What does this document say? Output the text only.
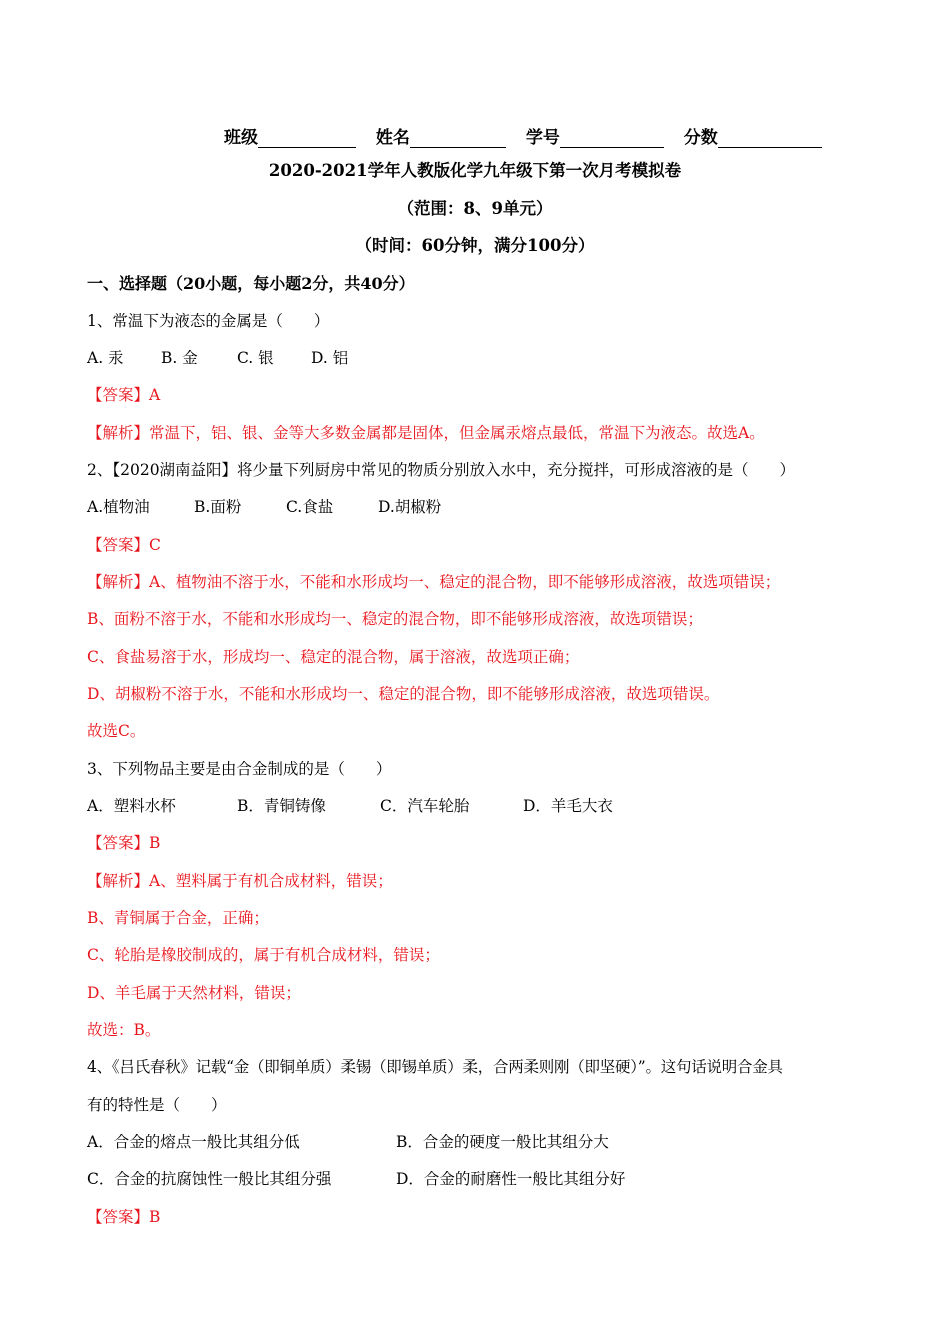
班级	姓名	学号	分数
2020-2021学年人教版化学九年级下第一次月考模拟卷
（范围：8、9单元）
（时间：60分钟，满分100分）
一、选择题（20小题，每小题2分，共40分）
1、常温下为液态的金属是（　　）
A. 汞 B. 金	C. 银 D. 铝
【答案】A
【解析】常温下，铝、银、金等大多数金属都是固体，但金属汞熔点最低，常温下为液态。故选A。
2、【2020湖南益阳】将少量下列厨房中常见的物质分别放入水中，充分搅拌，可形成溶液的是（　　）
A.植物油	B.面粉	C.食盐	D.胡椒粉
【答案】C
【解析】A、植物油不溶于水，不能和水形成均一、稳定的混合物，即不能够形成溶液，故选项错误；
B、面粉不溶于水，不能和水形成均一、稳定的混合物，即不能够形成溶液，故选项错误；
C、食盐易溶于水，形成均一、稳定的混合物，属于溶液，故选项正确；
D、胡椒粉不溶于水，不能和水形成均一、稳定的混合物，即不能够形成溶液，故选项错误。
故选C。
3、下列物品主要是由合金制成的是（　　）
A．塑料水杯	B．青铜铸像	C．汽车轮胎	D．羊毛大衣
【答案】B
【解析】A、塑料属于有机合成材料，错误；
B、青铜属于合金，正确；
C、轮胎是橡胶制成的，属于有机合成材料，错误；
D、羊毛属于天然材料，错误；
故选：B。
4、《吕氏春秋》记载“金（即铜单质）柔锡（即锡单质）柔，合两柔则刚（即坚硬）”。这句话说明合金具
有的特性是（　　）
A．合金的熔点一般比其组分低	B．合金的硬度一般比其组分大
C．合金的抗腐蚀性一般比其组分强	D．合金的耐磨性一般比其组分好
【答案】B
